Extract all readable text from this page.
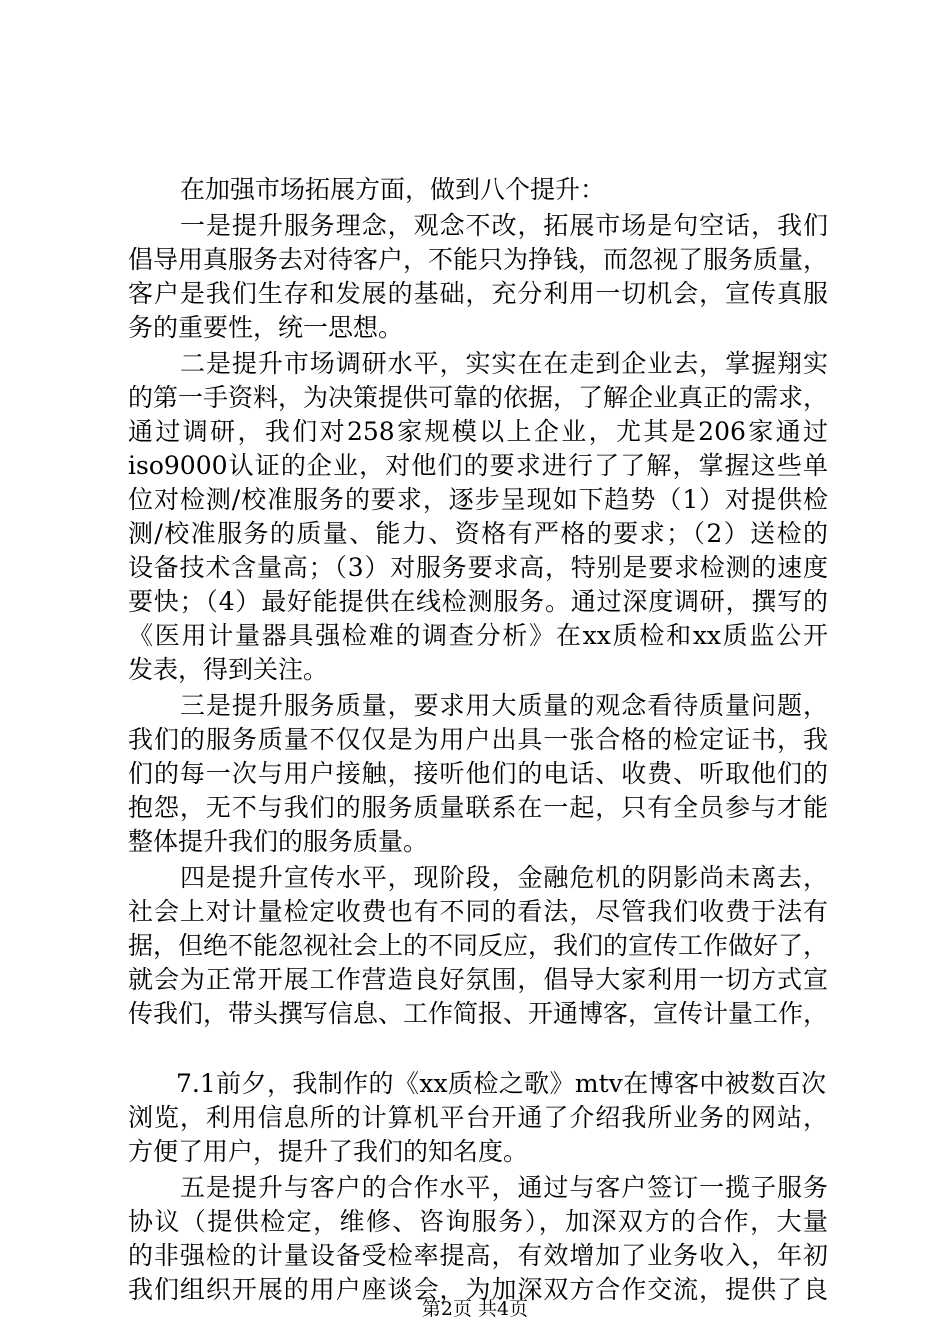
在加强市场拓展方面，做到八个提升：
一是提升服务理念，观念不改，拓展市场是句空话，我们
倡导用真服务去对待客户，不能只为挣钱，而忽视了服务质量，
客户是我们生存和发展的基础，充分利用一切机会，宣传真服
务的重要性，统一思想。
二是提升市场调研水平，实实在在走到企业去，掌握翔实
的第一手资料，为决策提供可靠的依据，了解企业真正的需求，
通过调研，我们对258家规模以上企业，尤其是206家通过
iso9000认证的企业，对他们的要求进行了了解，掌握这些单
位对检测/校准服务的要求，逐步呈现如下趋势（1）对提供检
测/校准服务的质量、能力、资格有严格的要求；（2）送检的
设备技术含量高；（3）对服务要求高，特别是要求检测的速度
要快；（4）最好能提供在线检测服务。通过深度调研，撰写的
《医用计量器具强检难的调查分析》在xx质检和xx质监公开
发表，得到关注。
三是提升服务质量，要求用大质量的观念看待质量问题，
我们的服务质量不仅仅是为用户出具一张合格的检定证书，我
们的每一次与用户接触，接听他们的电话、收费、听取他们的
抱怨，无不与我们的服务质量联系在一起，只有全员参与才能
整体提升我们的服务质量。
四是提升宣传水平，现阶段，金融危机的阴影尚未离去，
社会上对计量检定收费也有不同的看法，尽管我们收费于法有
据，但绝不能忽视社会上的不同反应，我们的宣传工作做好了，
就会为正常开展工作营造良好氛围，倡导大家利用一切方式宣
传我们，带头撰写信息、工作简报、开通博客，宣传计量工作，
7.1前夕，我制作的《xx质检之歌》mtv在博客中被数百次
浏览，利用信息所的计算机平台开通了介绍我所业务的网站，
方便了用户，提升了我们的知名度。
五是提升与客户的合作水平，通过与客户签订一揽子服务
协议（提供检定，维修、咨询服务），加深双方的合作，大量
的非强检的计量设备受检率提高，有效增加了业务收入，年初
我们组织开展的用户座谈会，为加深双方合作交流，提供了良
第2页 共4页
